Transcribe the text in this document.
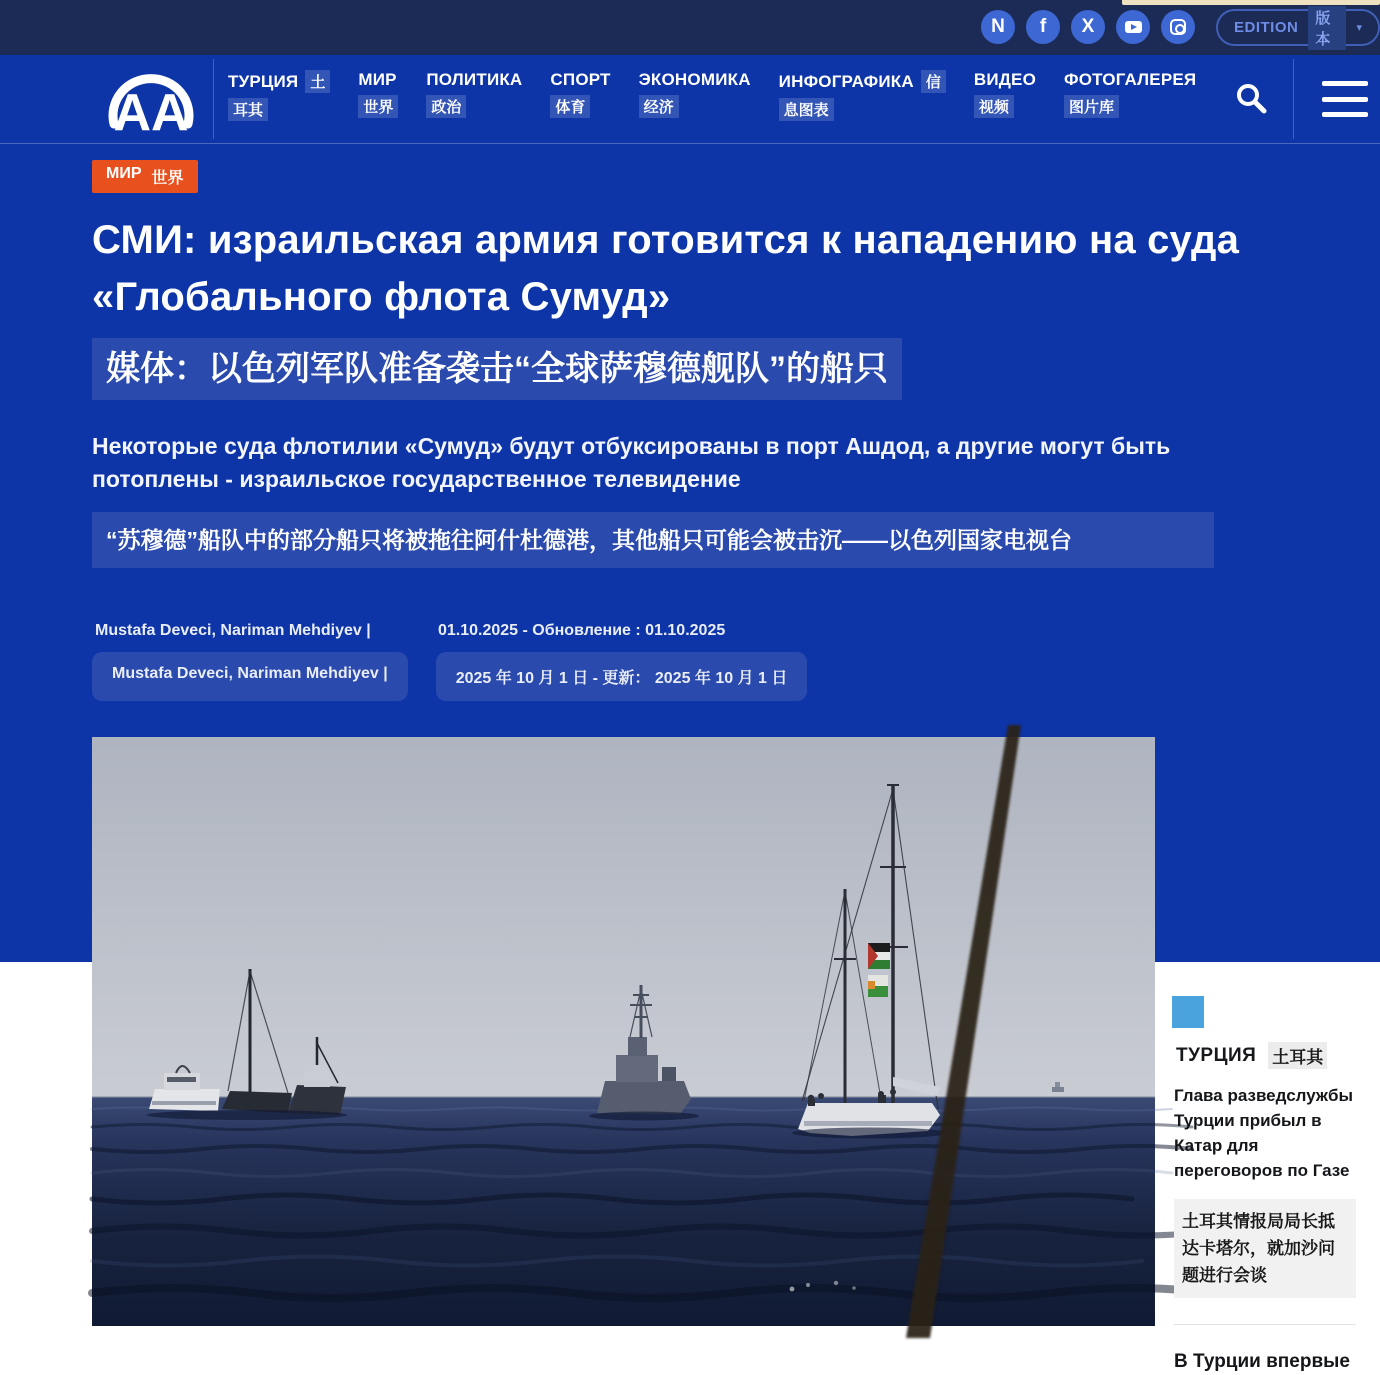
N f X	EDITION
版本
▾
AA
ТУРЦИЯ 土
耳其
МИР
世界
ПОЛИТИКА
政治
СПОРТ
体育
ЭКОНОМИКА
经济
ИНФОГРАФИКА 信
息图表
ВИДЕО
视频
ФОТОГАЛЕРЕЯ
图片库
МИР 世界
СМИ: израильская армия готовится к нападению на суда «Глобального флота Сумуд»
媒体：以色列军队准备袭击“全球萨穆德舰队”的船只
Некоторые суда флотилии «Сумуд» будут отбуксированы в порт Ашдод, а другие могут быть потоплены - израильское государственное телевидение
“苏穆德”船队中的部分船只将被拖往阿什杜德港，其他船只可能会被击沉——以色列国家电视台
Mustafa Deveci, Nariman Mehdiyev |	01.10.2025 - Обновление : 01.10.2025
Mustafa Deveci, Nariman Mehdiyev |	2025 年 10 月 1 日 - 更新： 2025 年 10 月 1 日
ТУРЦИЯ 土耳其
Глава разведслужбы Турции прибыл в Катар для переговоров по Газе
土耳其情报局局长抵达卡塔尔，就加沙问题进行会谈
В Турции впервые
